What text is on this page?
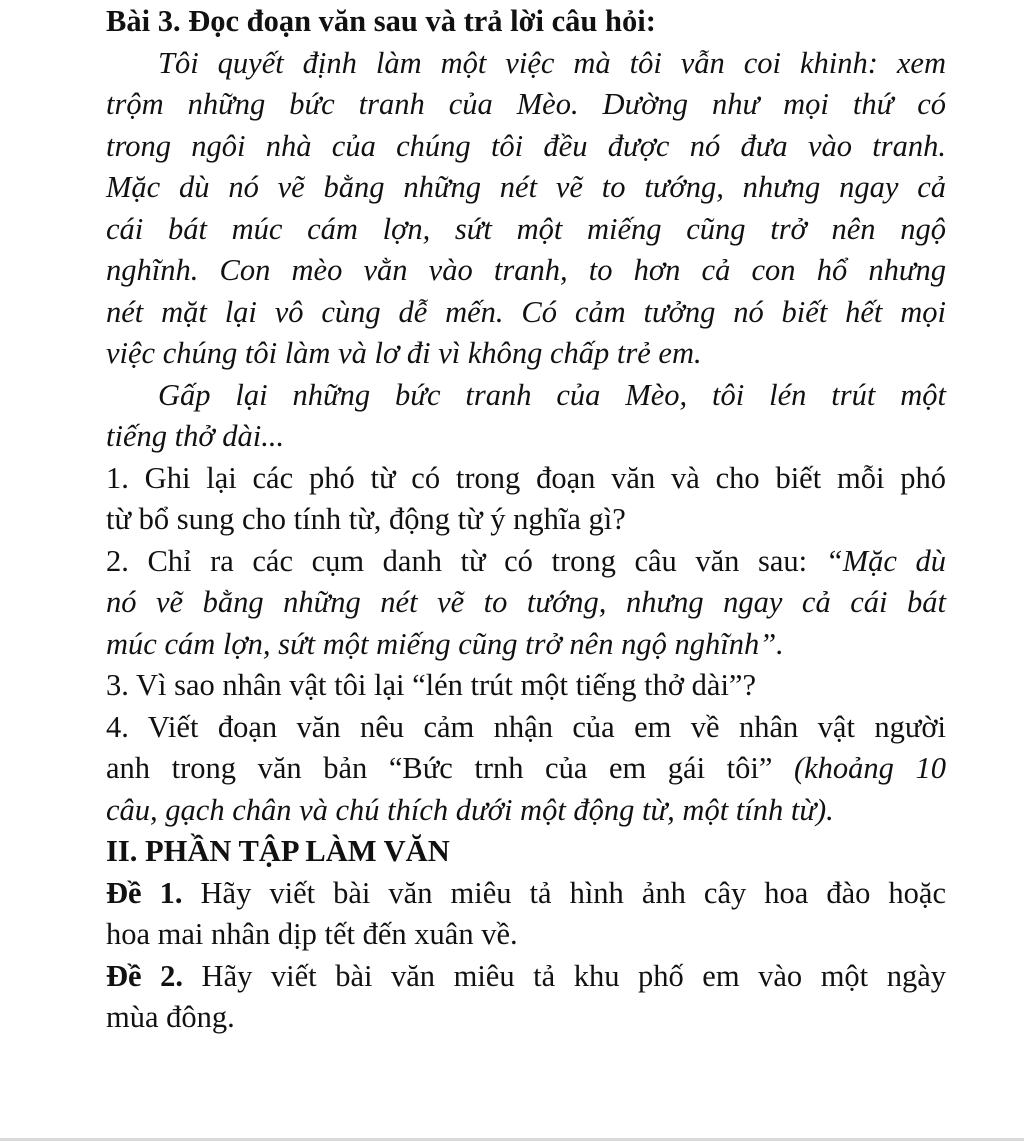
Bài 3. Đọc đoạn văn sau và trả lời câu hỏi:
Tôi quyết định làm một việc mà tôi vẫn coi khinh: xem
trộm những bức tranh của Mèo. Dường như mọi thứ có
trong ngôi nhà của chúng tôi đều được nó đưa vào tranh.
Mặc dù nó vẽ bằng những nét vẽ to tướng, nhưng ngay cả
cái bát múc cám lợn, sứt một miếng cũng trở nên ngộ
nghĩnh. Con mèo vằn vào tranh, to hơn cả con hổ nhưng
nét mặt lại vô cùng dễ mến. Có cảm tưởng nó biết hết mọi
việc chúng tôi làm và lơ đi vì không chấp trẻ em.
Gấp lại những bức tranh của Mèo, tôi lén trút một
tiếng thở dài...
1. Ghi lại các phó từ có trong đoạn văn và cho biết mỗi phó
từ bổ sung cho tính từ, động từ ý nghĩa gì?
2. Chỉ ra các cụm danh từ có trong câu văn sau: “Mặc dù
nó vẽ bằng những nét vẽ to tướng, nhưng ngay cả cái bát
múc cám lợn, sứt một miếng cũng trở nên ngộ nghĩnh”.
3. Vì sao nhân vật tôi lại “lén trút một tiếng thở dài”?
4. Viết đoạn văn nêu cảm nhận của em về nhân vật người
anh trong văn bản “Bức trnh của em gái tôi” (khoảng 10
câu, gạch chân và chú thích dưới một động từ, một tính từ).
II. PHẦN TẬP LÀM VĂN
Đề 1. Hãy viết bài văn miêu tả hình ảnh cây hoa đào hoặc
hoa mai nhân dịp tết đến xuân về.
Đề 2. Hãy viết bài văn miêu tả khu phố em vào một ngày
mùa đông.
